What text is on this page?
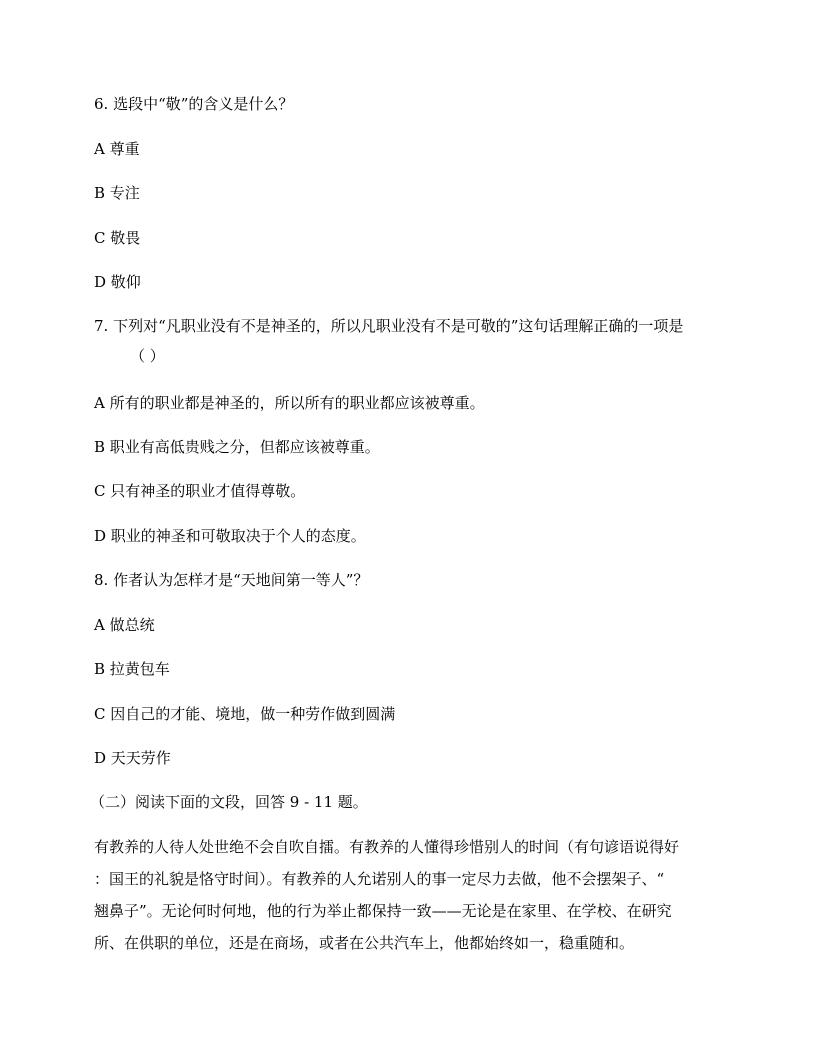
6. 选段中“敬”的含义是什么？
A 尊重
B 专注
C 敬畏
D 敬仰
7. 下列对“凡职业没有不是神圣的，所以凡职业没有不是可敬的”这句话理解正确的一项是
（ ）
A 所有的职业都是神圣的，所以所有的职业都应该被尊重。
B 职业有高低贵贱之分，但都应该被尊重。
C 只有神圣的职业才值得尊敬。
D 职业的神圣和可敬取决于个人的态度。
8. 作者认为怎样才是“天地间第一等人”？
A 做总统
B 拉黄包车
C 因自己的才能、境地，做一种劳作做到圆满
D 天天劳作
（二）阅读下面的文段，回答 9 - 11 题。
有教养的人待人处世绝不会自吹自擂。有教养的人懂得珍惜别人的时间（有句谚语说得好
：国王的礼貌是恪守时间）。有教养的人允诺别人的事一定尽力去做，他不会摆架子、“
翘鼻子”。无论何时何地，他的行为举止都保持一致——无论是在家里、在学校、在研究
所、在供职的单位，还是在商场，或者在公共汽车上，他都始终如一，稳重随和。
